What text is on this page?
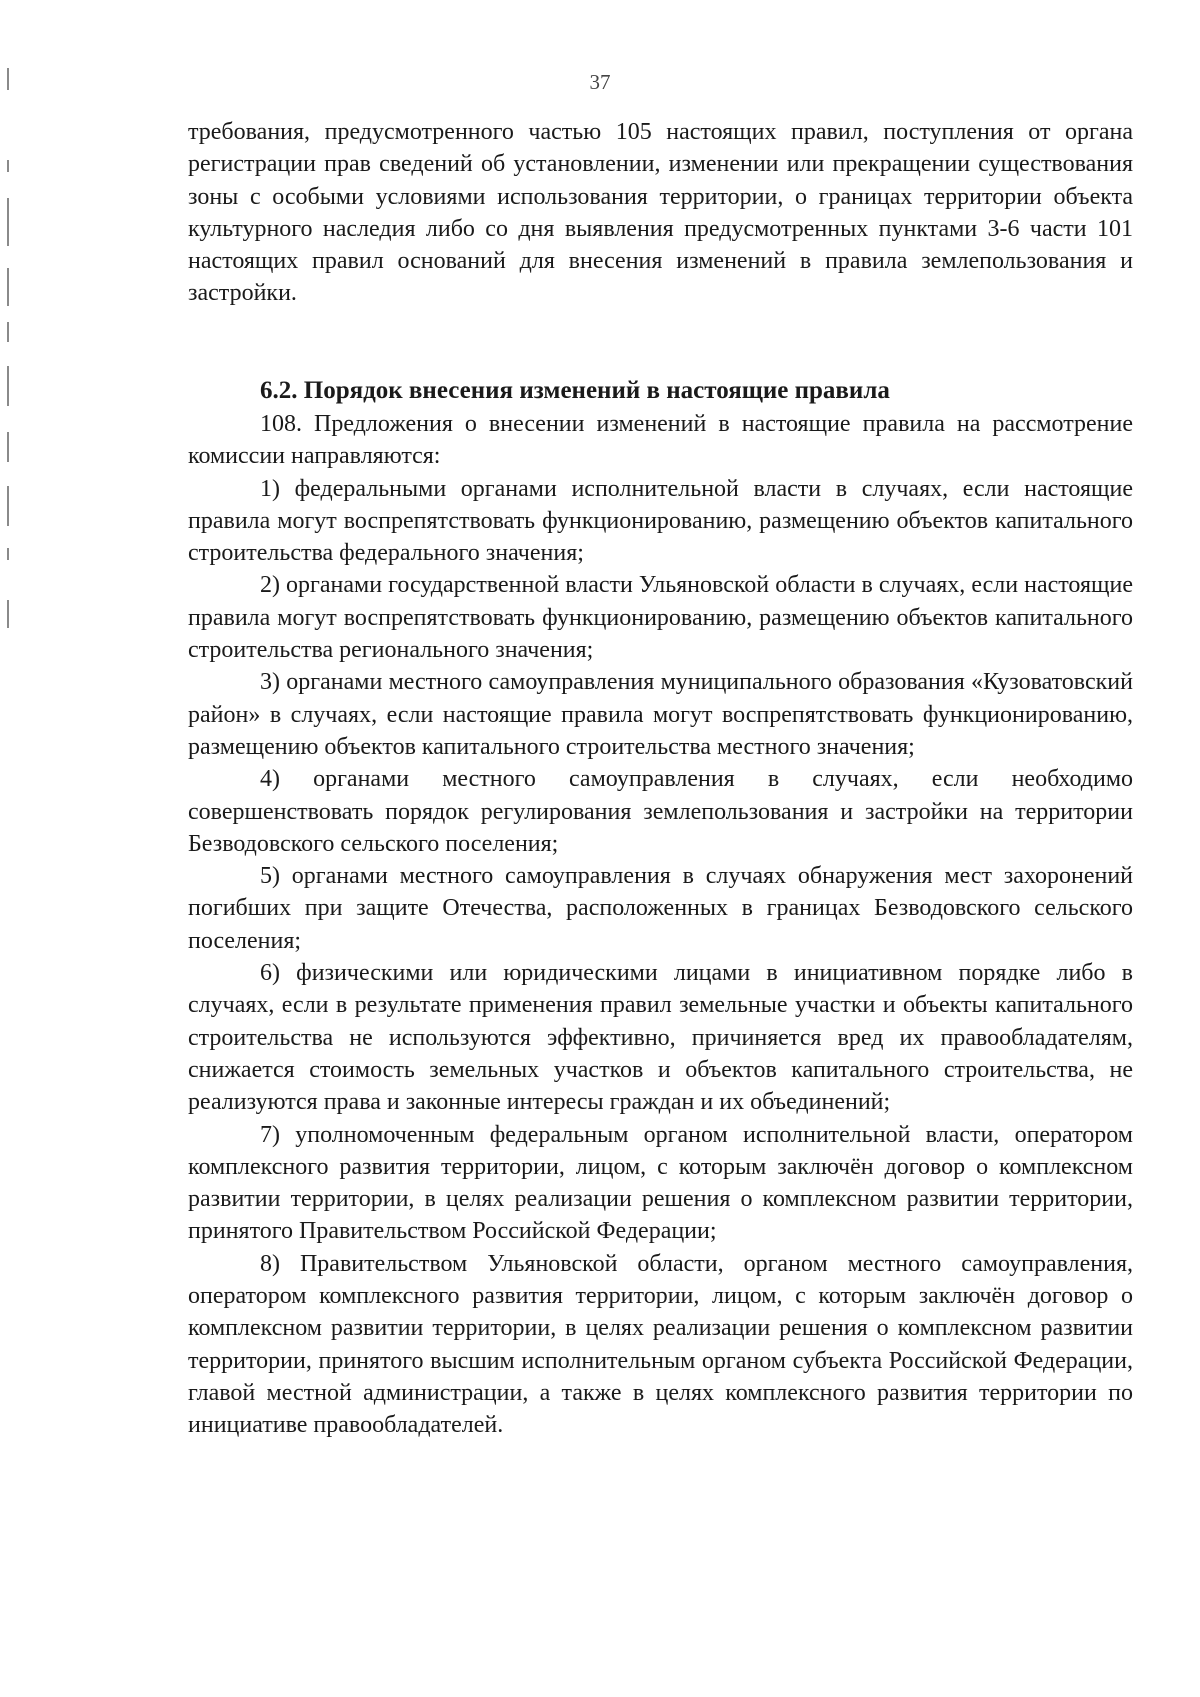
37

требования, предусмотренного частью 105 настоящих правил, поступления от органа регистрации прав сведений об установлении, изменении или прекращении существования зоны с особыми условиями использования территории, о границах территории объекта культурного наследия либо со дня выявления предусмотренных пунктами 3-6 части 101 настоящих правил оснований для внесения изменений в правила землепользования и застройки.

6.2. Порядок внесения изменений в настоящие правила

108. Предложения о внесении изменений в настоящие правила на рассмотрение комиссии направляются:

1) федеральными органами исполнительной власти в случаях, если настоящие правила могут воспрепятствовать функционированию, размещению объектов капитального строительства федерального значения;

2) органами государственной власти Ульяновской области в случаях, если настоящие правила могут воспрепятствовать функционированию, размещению объектов капитального строительства регионального значения;

3) органами местного самоуправления муниципального образования «Кузоватовский район» в случаях, если настоящие правила могут воспрепятствовать функционированию, размещению объектов капитального строительства местного значения;

4) органами местного самоуправления в случаях, если необходимо совершенствовать порядок регулирования землепользования и застройки на территории Безводовского сельского поселения;

5) органами местного самоуправления в случаях обнаружения мест захоронений погибших при защите Отечества, расположенных в границах Безводовского сельского поселения;

6) физическими или юридическими лицами в инициативном порядке либо в случаях, если в результате применения правил земельные участки и объекты капитального строительства не используются эффективно, причиняется вред их правообладателям, снижается стоимость земельных участков и объектов капитального строительства, не реализуются права и законные интересы граждан и их объединений;

7) уполномоченным федеральным органом исполнительной власти, оператором комплексного развития территории, лицом, с которым заключён договор о комплексном развитии территории, в целях реализации решения о комплексном развитии территории, принятого Правительством Российской Федерации;

8) Правительством Ульяновской области, органом местного самоуправления, оператором комплексного развития территории, лицом, с которым заключён договор о комплексном развитии территории, в целях реализации решения о комплексном развитии территории, принятого высшим исполнительным органом субъекта Российской Федерации, главой местной администрации, а также в целях комплексного развития территории по инициативе правообладателей.
